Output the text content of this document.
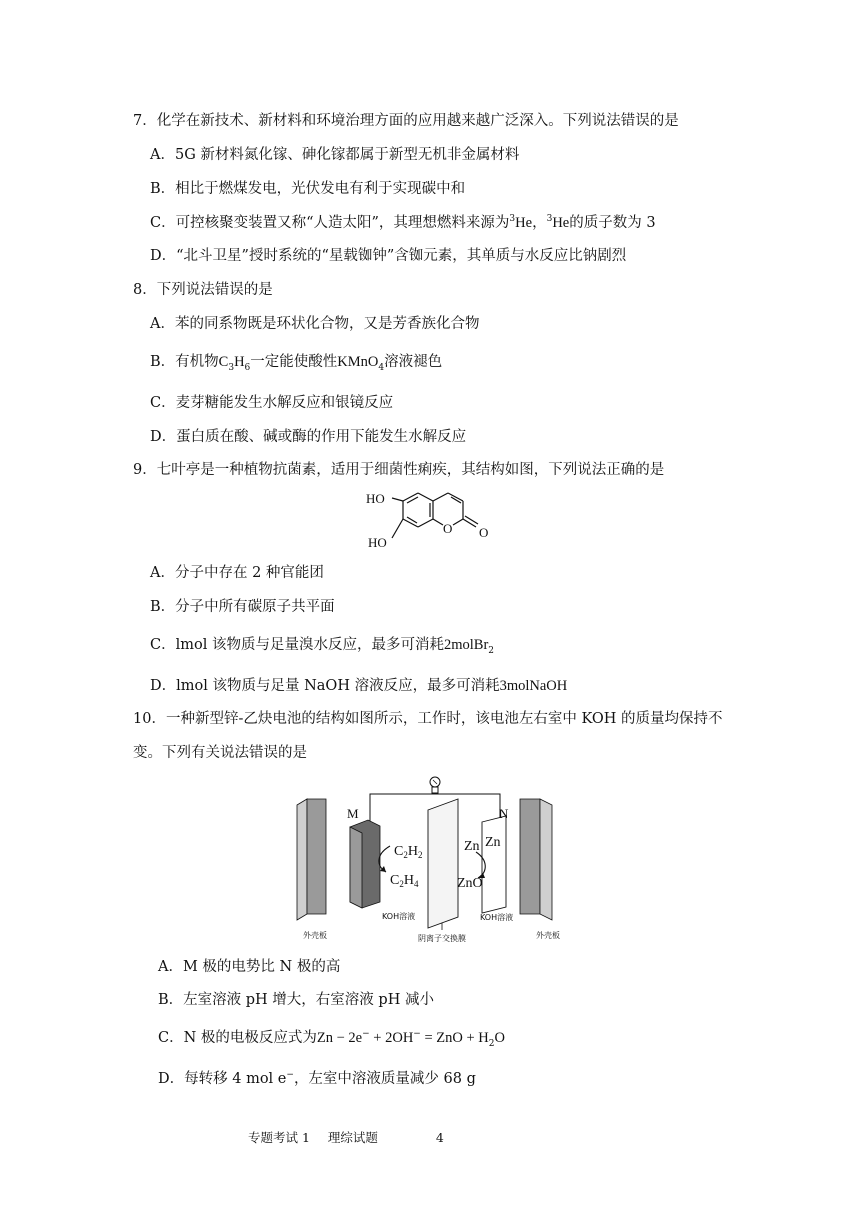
7．化学在新技术、新材料和环境治理方面的应用越来越广泛深入。下列说法错误的是
A．5G 新材料氮化镓、砷化镓都属于新型无机非金属材料
B．相比于燃煤发电，光伏发电有利于实现碳中和
C．可控核聚变装置又称“人造太阳”，其理想燃料来源为$^3$He，$^3$He的质子数为 3
D．“北斗卫星”授时系统的“星载铷钟”含铷元素，其单质与水反应比钠剧烈
8．下列说法错误的是
A．苯的同系物既是环状化合物，又是芳香族化合物
B．有机物$C_3H_6$一定能使酸性KMnO$_4$溶液褪色
C．麦芽糖能发生水解反应和银镜反应
D．蛋白质在酸、碱或酶的作用下能发生水解反应
9．七叶亭是一种植物抗菌素，适用于细菌性痢疾，其结构如图，下列说法正确的是
HO
HO
O O
A．分子中存在 2 种官能团
B．分子中所有碳原子共平面
C．lmol 该物质与足量溴水反应，最多可消耗2molBr$_2$
D．lmol 该物质与足量 NaOH 溶液反应，最多可消耗3molNaOH
10．一种新型锌-乙炔电池的结构如图所示，工作时，该电池左右室中 KOH 的质量均保持不
变。下列有关说法错误的是
M	N
$C_2H_2$
$C_2H_4$
Zn Zn
ZnO
KOH溶液	KOH溶液
阴离子交换膜
外壳板	外壳板
A．M 极的电势比 N 极的高
B．左室溶液 pH 增大，右室溶液 pH 减小
C．N 极的电极反应式为Zn − 2e− + 2OH− = ZnO + $H_2O$
D．每转移 4 mol e−，左室中溶液质量减少 68 g
专题考试 1 理综试题	4
